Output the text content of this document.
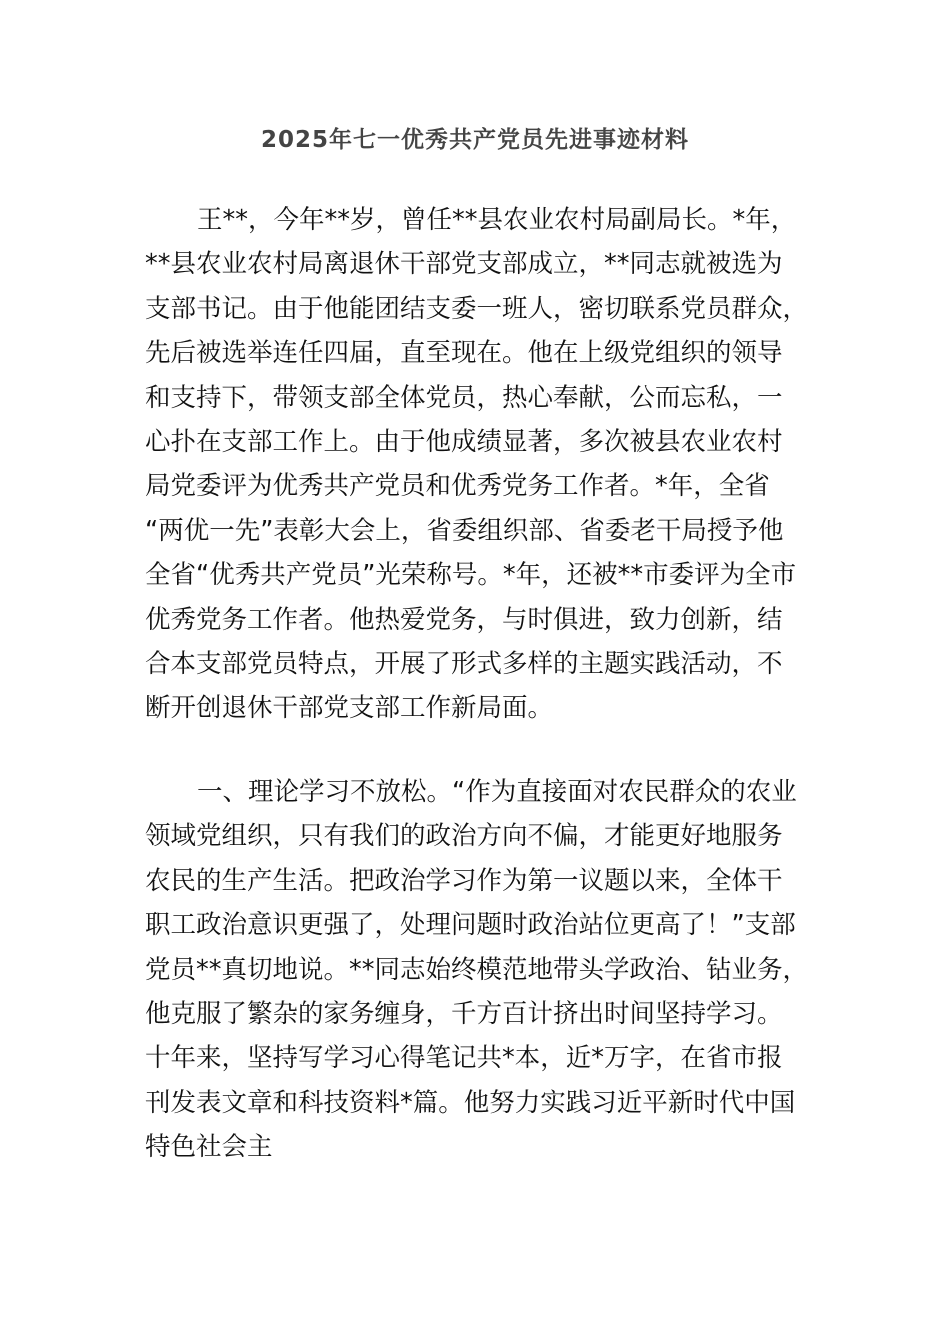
2025年七一优秀共产党员先进事迹材料
王**，今年**岁，曾任**县农业农村局副局长。*年，
**县农业农村局离退休干部党支部成立，**同志就被选为
支部书记。由于他能团结支委一班人，密切联系党员群众，
先后被选举连任四届，直至现在。他在上级党组织的领导
和支持下，带领支部全体党员，热心奉献，公而忘私，一
心扑在支部工作上。由于他成绩显著，多次被县农业农村
局党委评为优秀共产党员和优秀党务工作者。*年，全省
“两优一先”表彰大会上，省委组织部、省委老干局授予他
全省“优秀共产党员”光荣称号。*年，还被**市委评为全市
优秀党务工作者。他热爱党务，与时俱进，致力创新，结
合本支部党员特点，开展了形式多样的主题实践活动，不
断开创退休干部党支部工作新局面。
一、理论学习不放松。“作为直接面对农民群众的农业
领域党组织，只有我们的政治方向不偏，才能更好地服务
农民的生产生活。把政治学习作为第一议题以来，全体干
职工政治意识更强了，处理问题时政治站位更高了！”支部
党员**真切地说。**同志始终模范地带头学政治、钻业务，
他克服了繁杂的家务缠身，千方百计挤出时间坚持学习。
十年来，坚持写学习心得笔记共*本，近*万字，在省市报
刊发表文章和科技资料*篇。他努力实践习近平新时代中国
特色社会主
